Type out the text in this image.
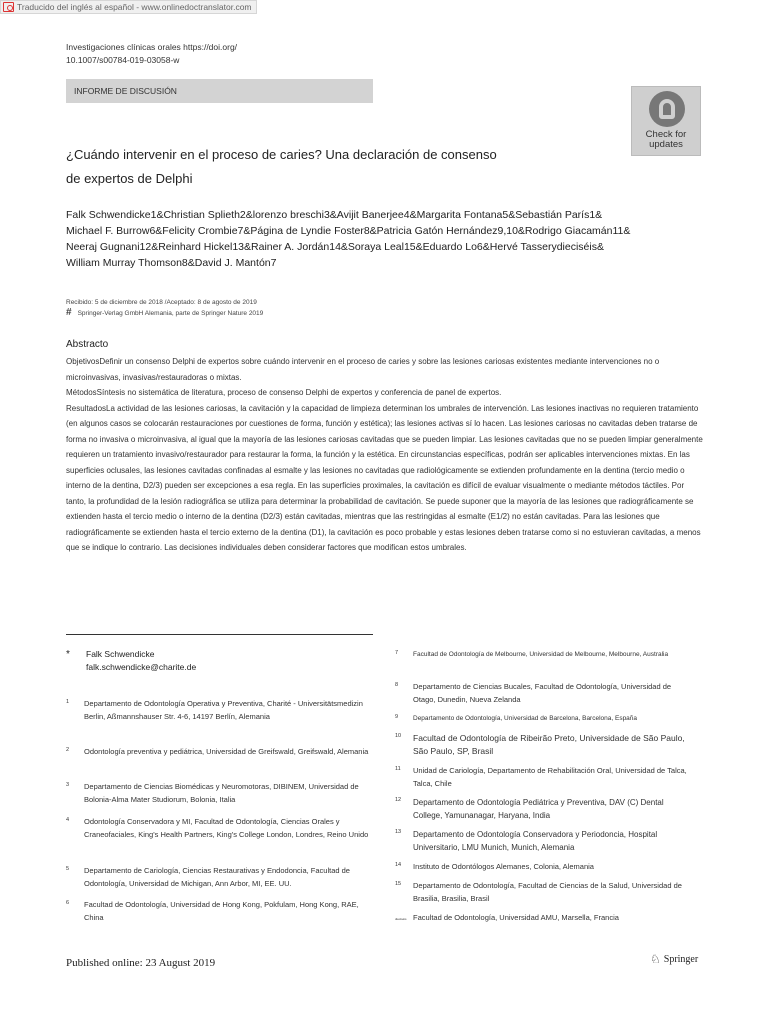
Traducido del inglés al español - www.onlinedoctranslator.com
Investigaciones clínicas orales https://doi.org/
10.1007/s00784-019-03058-w
INFORME DE DISCUSIÓN
Check for
updates
¿Cuándo intervenir en el proceso de caries? Una declaración de consenso
de expertos de Delphi
Falk Schwendicke1&Christian Splieth2&lorenzo breschi3&Avijit Banerjee4&Margarita Fontana5&Sebastián París1&
Michael F. Burrow6&Felicity Crombie7&Página de Lyndie Foster8&Patricia Gatón Hernández9,10&Rodrigo Giacamán11&
Neeraj Gugnani12&Reinhard Hickel13&Rainer A. Jordán14&Soraya Leal15&Eduardo Lo6&Hervé Tasserydieciséis&
William Murray Thomson8&David J. Mantón7
Recibido: 5 de diciembre de 2018 /Aceptado: 8 de agosto de 2019
# Springer-Verlag GmbH Alemania, parte de Springer Nature 2019
Abstracto
ObjetivosDefinir un consenso Delphi de expertos sobre cuándo intervenir en el proceso de caries y sobre las lesiones cariosas existentes mediante intervenciones no o microinvasivas, invasivas/restauradoras o mixtas.
MétodosSíntesis no sistemática de literatura, proceso de consenso Delphi de expertos y conferencia de panel de expertos.
ResultadosLa actividad de las lesiones cariosas, la cavitación y la capacidad de limpieza determinan los umbrales de intervención. Las lesiones inactivas no requieren tratamiento (en algunos casos se colocarán restauraciones por cuestiones de forma, función y estética); las lesiones activas sí lo hacen. Las lesiones cariosas no cavitadas deben tratarse de forma no invasiva o microinvasiva, al igual que la mayoría de las lesiones cariosas cavitadas que se pueden limpiar. Las lesiones cavitadas que no se pueden limpiar generalmente requieren un tratamiento invasivo/restaurador para restaurar la forma, la función y la estética. En circunstancias específicas, podrán ser aplicables intervenciones mixtas. En las superficies oclusales, las lesiones cavitadas confinadas al esmalte y las lesiones no cavitadas que radiológicamente se extienden profundamente en la dentina (tercio medio o interno de la dentina, D2/3) pueden ser excepciones a esa regla. En las superficies proximales, la cavitación es difícil de evaluar visualmente o mediante métodos táctiles. Por tanto, la profundidad de la lesión radiográfica se utiliza para determinar la probabilidad de cavitación. Se puede suponer que la mayoría de las lesiones que radiográficamente se extienden hasta el tercio medio o interno de la dentina (D2/3) están cavitadas, mientras que las restringidas al esmalte (E1/2) no están cavitadas. Para las lesiones que radiográficamente se extienden hasta el tercio externo de la dentina (D1), la cavitación es poco probable y estas lesiones deben tratarse como si no estuvieran cavitadas, a menos que se indique lo contrario. Las decisiones individuales deben considerar factores que modifican estos umbrales.
* Falk Schwendicke
falk.schwendicke@charite.de
1 Departamento de Odontología Operativa y Preventiva, Charité - Universitätsmedizin Berlin, Aßmannshauser Str. 4-6, 14197 Berlín, Alemania
2 Odontología preventiva y pediátrica, Universidad de Greifswald, Greifswald, Alemania
3 Departamento de Ciencias Biomédicas y Neuromotoras, DIBINEM, Universidad de Bolonia-Alma Mater Studiorum, Bolonia, Italia
4 Odontología Conservadora y MI, Facultad de Odontología, Ciencias Orales y Craneofaciales, King's Health Partners, King's College London, Londres, Reino Unido
5 Departamento de Cariología, Ciencias Restaurativas y Endodoncia, Facultad de Odontología, Universidad de Michigan, Ann Arbor, MI, EE. UU.
6 Facultad de Odontología, Universidad de Hong Kong, Pokfulam, Hong Kong, RAE, China
7 Facultad de Odontología de Melbourne, Universidad de Melbourne, Melbourne, Australia
8 Departamento de Ciencias Bucales, Facultad de Odontología, Universidad de Otago, Dunedin, Nueva Zelanda
9 Departamento de Odontología, Universidad de Barcelona, Barcelona, España
10 Facultad de Odontología de Ribeirão Preto, Universidade de São Paulo, São Paulo, SP, Brasil
11 Unidad de Cariología, Departamento de Rehabilitación Oral, Universidad de Talca, Talca, Chile
12 Departamento de Odontología Pediátrica y Preventiva, DAV (C) Dental College, Yamunanagar, Haryana, India
13 Departamento de Odontología Conservadora y Periodoncia, Hospital Universitario, LMU Munich, Munich, Alemania
14 Instituto de Odontólogos Alemanes, Colonia, Alemania
15 Departamento de Odontología, Facultad de Ciencias de la Salud, Universidad de Brasilia, Brasilia, Brasil
dieciséis Facultad de Odontología, Universidad AMU, Marsella, Francia
Published online: 23 August 2019	♘ Springer
